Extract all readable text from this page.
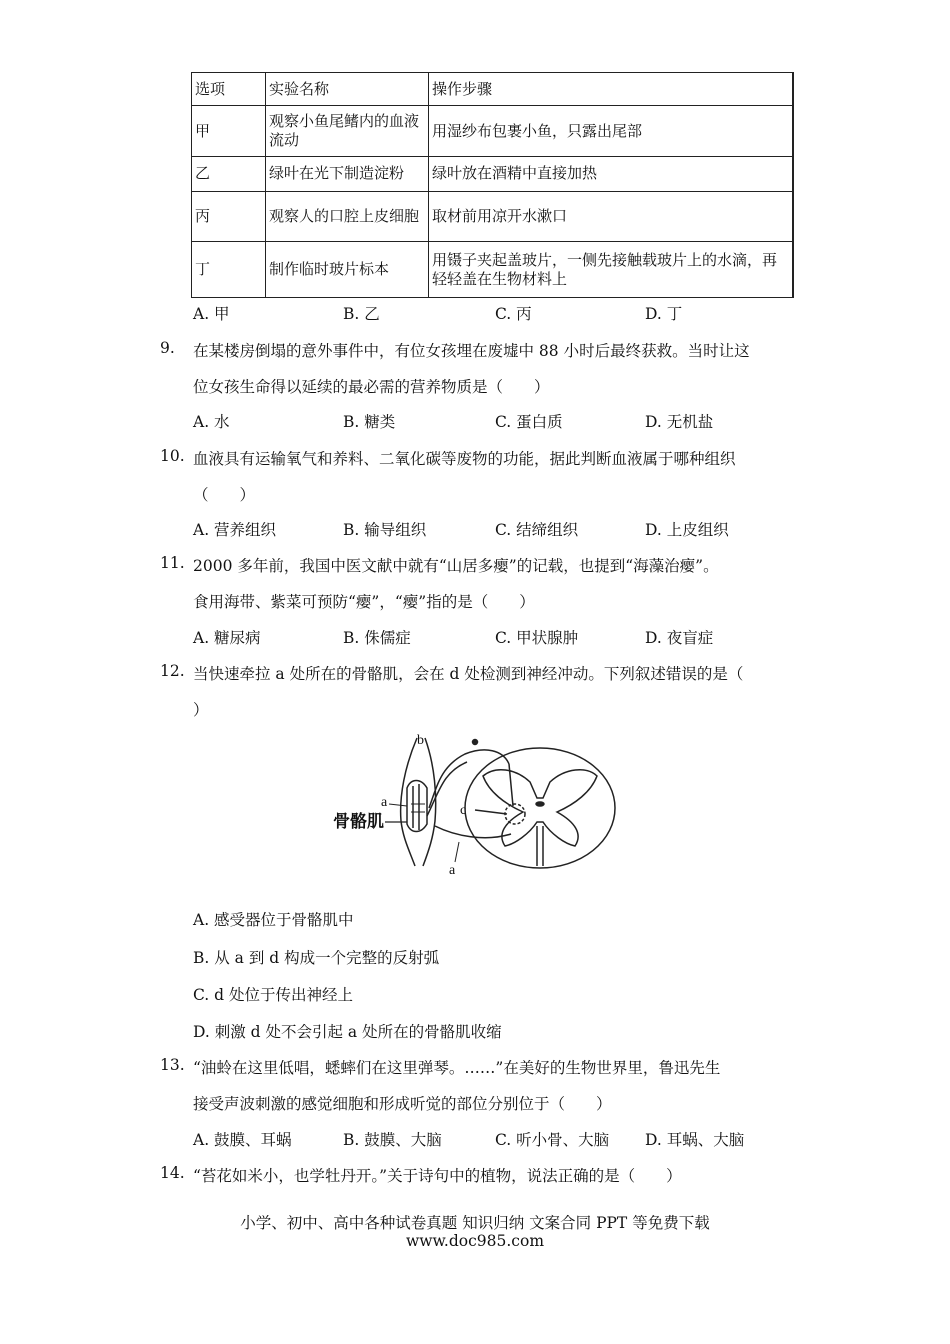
选项	实验名称	操作步骤
甲	观察小鱼尾鳍内的血液流动	用湿纱布包裹小鱼，只露出尾部
乙	绿叶在光下制造淀粉	绿叶放在酒精中直接加热
丙	观察人的口腔上皮细胞	取材前用凉开水漱口
丁	制作临时玻片标本	用镊子夹起盖玻片，一侧先接触载玻片上的水滴，再轻轻盖在生物材料上
A. 甲	B. 乙	C. 丙	D. 丁
9. 在某楼房倒塌的意外事件中，有位女孩埋在废墟中 88 小时后最终获救。当时让这
位女孩生命得以延续的最必需的营养物质是（　　）
A. 水	B. 糖类	C. 蛋白质	D. 无机盐
10. 血液具有运输氧气和养料、二氧化碳等废物的功能，据此判断血液属于哪种组织
（　　）
A. 营养组织	B. 输导组织	C. 结缔组织	D. 上皮组织
11. 2000 多年前，我国中医文献中就有“山居多瘿”的记载，也提到“海藻治瘿”。
食用海带、紫菜可预防“瘿”，“瘿”指的是（　　）
A. 糖尿病	B. 侏儒症	C. 甲状腺肿	D. 夜盲症
12. 当快速牵拉 a 处所在的骨骼肌，会在 d 处检测到神经冲动。下列叙述错误的是（
）
骨骼肌
a
b
c
a
A. 感受器位于骨骼肌中
B. 从 a 到 d 构成一个完整的反射弧
C. d 处位于传出神经上
D. 刺激 d 处不会引起 a 处所在的骨骼肌收缩
13. “油蛉在这里低唱，蟋蟀们在这里弹琴。……”在美好的生物世界里，鲁迅先生
接受声波刺激的感觉细胞和形成听觉的部位分别位于（　　）
A. 鼓膜、耳蜗	B. 鼓膜、大脑	C. 听小骨、大脑 D. 耳蜗、大脑
14. “苔花如米小，也学牡丹开。”关于诗句中的植物，说法正确的是（　　）
小学、初中、高中各种试卷真题 知识归纳 文案合同 PPT 等免费下载
www.doc985.com
